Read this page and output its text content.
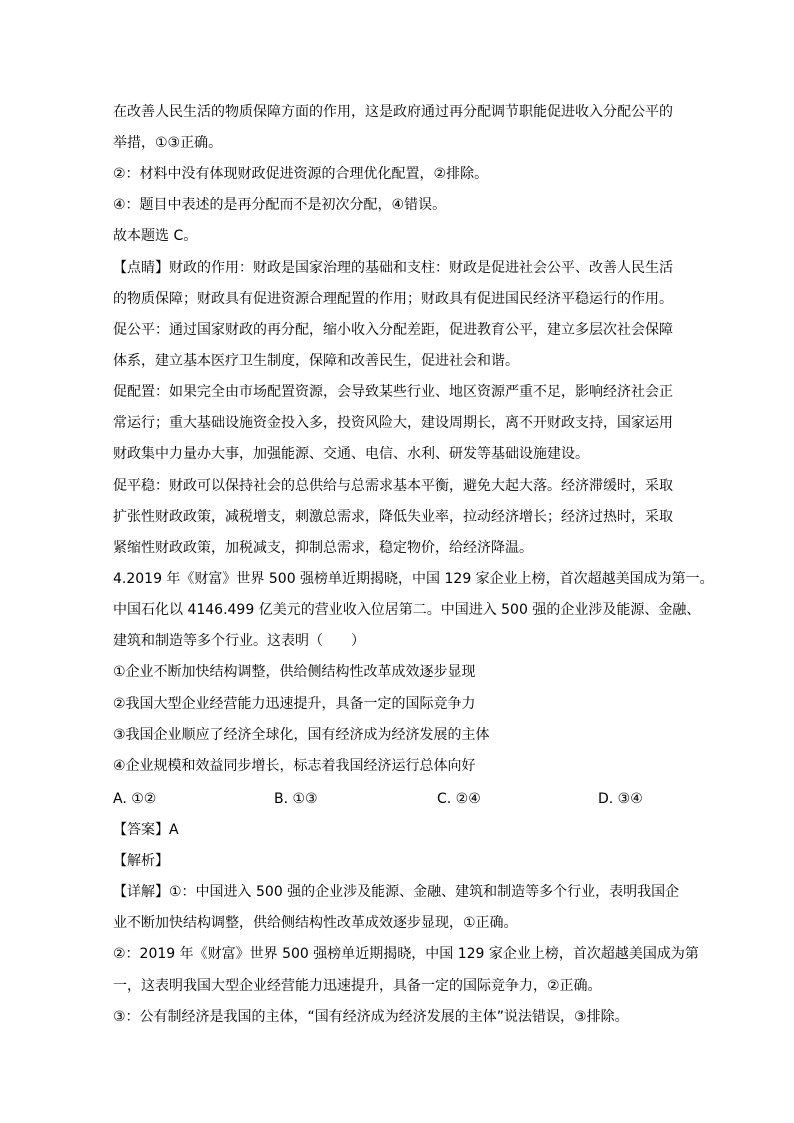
在改善人民生活的物质保障方面的作用，这是政府通过再分配调节职能促进收入分配公平的
举措，①③正确。
②：材料中没有体现财政促进资源的合理优化配置，②排除。
④：题目中表述的是再分配而不是初次分配，④错误。
故本题选 C。
【点睛】财政的作用：财政是国家治理的基础和支柱：财政是促进社会公平、改善人民生活
的物质保障；财政具有促进资源合理配置的作用；财政具有促进国民经济平稳运行的作用。
促公平：通过国家财政的再分配，缩小收入分配差距，促进教育公平，建立多层次社会保障
体系，建立基本医疗卫生制度，保障和改善民生，促进社会和谐。
促配置：如果完全由市场配置资源，会导致某些行业、地区资源严重不足，影响经济社会正
常运行；重大基础设施资金投入多，投资风险大，建设周期长，离不开财政支持，国家运用
财政集中力量办大事，加强能源、交通、电信、水利、研发等基础设施建设。
促平稳：财政可以保持社会的总供给与总需求基本平衡，避免大起大落。经济滞缓时，采取
扩张性财政政策，减税增支，刺激总需求，降低失业率，拉动经济增长；经济过热时，采取
紧缩性财政政策，加税减支，抑制总需求，稳定物价，给经济降温。
4.2019 年《财富》世界 500 强榜单近期揭晓，中国 129 家企业上榜，首次超越美国成为第一。
中国石化以 4146.499 亿美元的营业收入位居第二。中国进入 500 强的企业涉及能源、金融、
建筑和制造等多个行业。这表明（　　）
①企业不断加快结构调整，供给侧结构性改革成效逐步显现
②我国大型企业经营能力迅速提升，具备一定的国际竞争力
③我国企业顺应了经济全球化，国有经济成为经济发展的主体
④企业规模和效益同步增长，标志着我国经济运行总体向好
A. ①②	B. ①③	C. ②④	D. ③④
【答案】A
【解析】
【详解】①：中国进入 500 强的企业涉及能源、金融、建筑和制造等多个行业，表明我国企
业不断加快结构调整，供给侧结构性改革成效逐步显现，①正确。
②：2019 年《财富》世界 500 强榜单近期揭晓，中国 129 家企业上榜，首次超越美国成为第
一，这表明我国大型企业经营能力迅速提升，具备一定的国际竞争力，②正确。
③：公有制经济是我国的主体，“国有经济成为经济发展的主体”说法错误，③排除。
